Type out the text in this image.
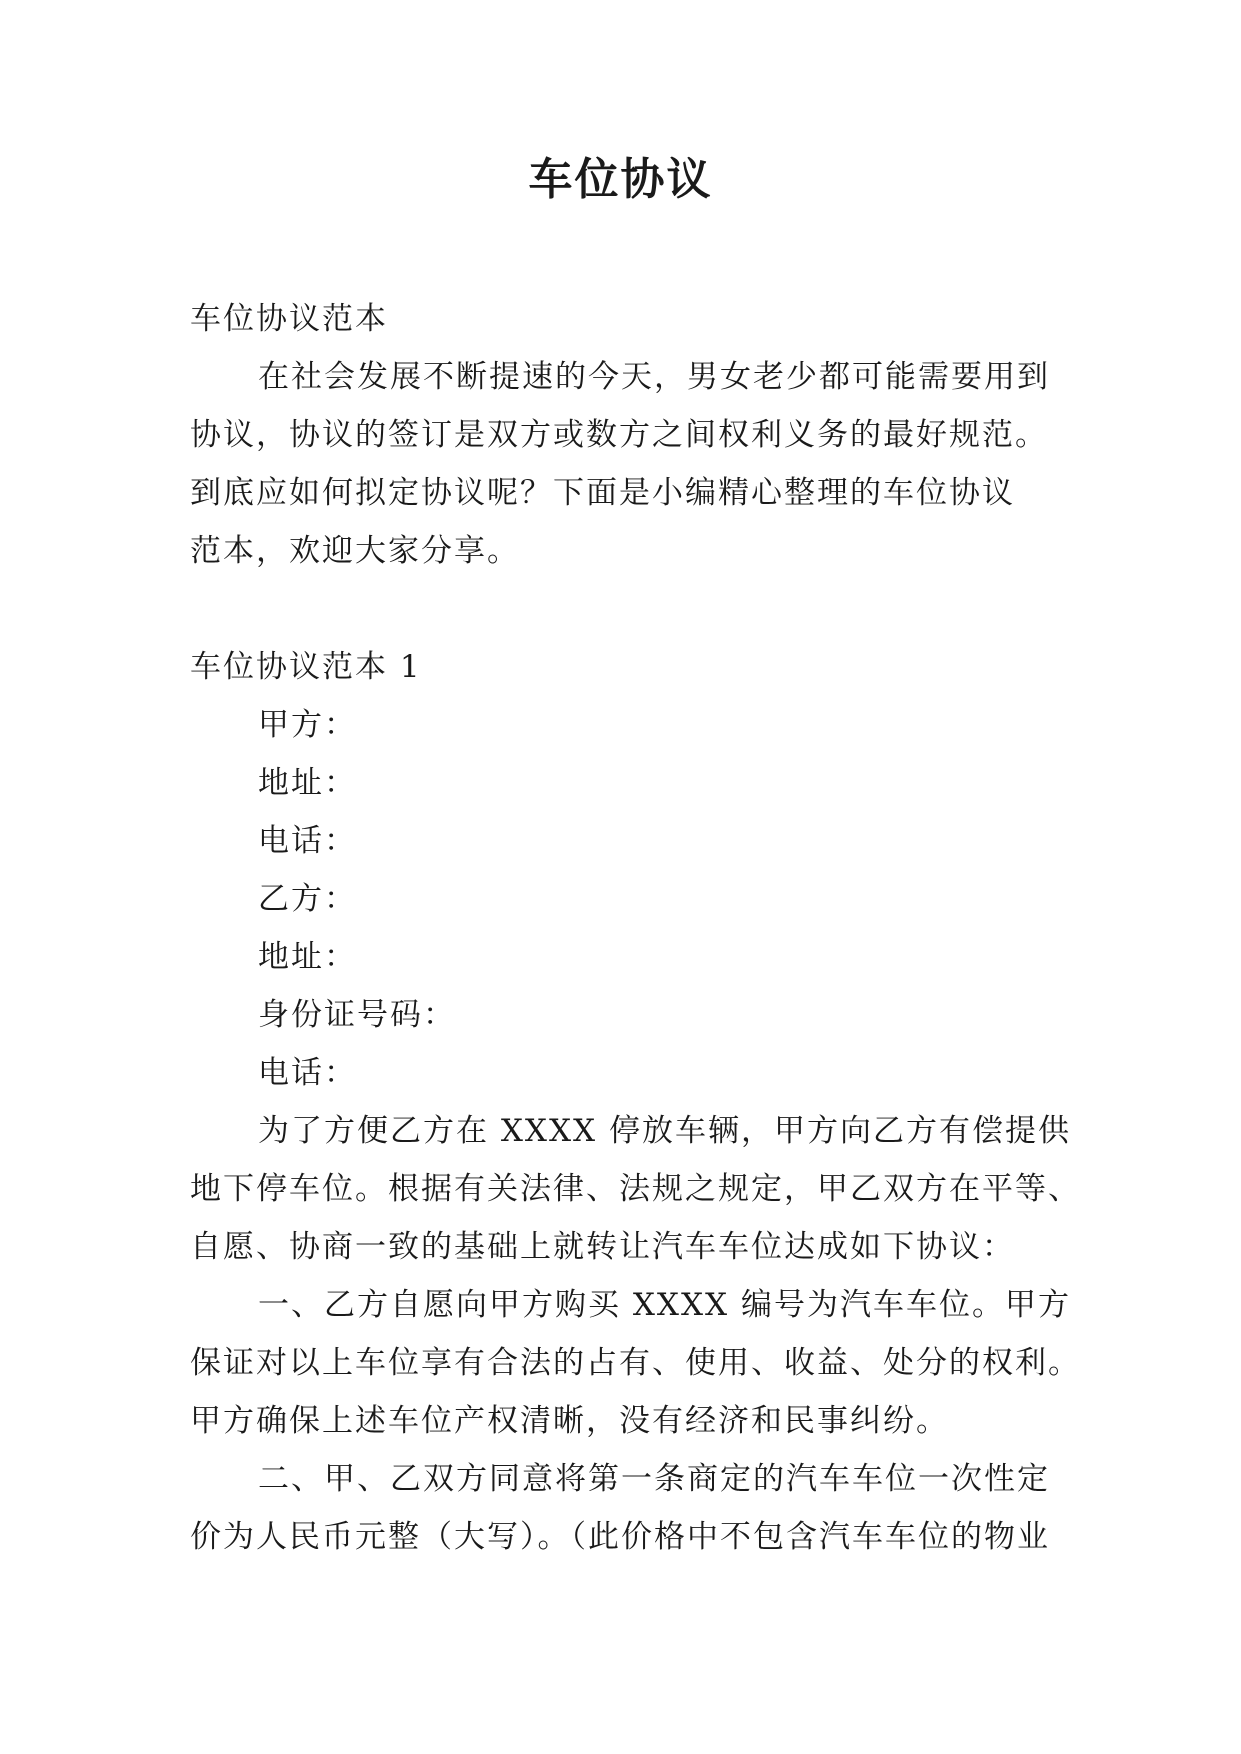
车位协议

车位协议范本

在社会发展不断提速的今天，男女老少都可能需要用到

协议，协议的签订是双方或数方之间权利义务的最好规范。

到底应如何拟定协议呢？下面是小编精心整理的车位协议

范本，欢迎大家分享。

车位协议范本 1

甲方：

地址：

电话：

乙方：

地址：

身份证号码：

电话：

为了方便乙方在 XXXX 停放车辆，甲方向乙方有偿提供

地下停车位。根据有关法律、法规之规定，甲乙双方在平等、

自愿、协商一致的基础上就转让汽车车位达成如下协议：

一、乙方自愿向甲方购买 XXXX 编号为汽车车位。甲方

保证对以上车位享有合法的占有、使用、收益、处分的权利。

甲方确保上述车位产权清晰，没有经济和民事纠纷。

二、甲、乙双方同意将第一条商定的汽车车位一次性定

价为人民币元整（大写）。（此价格中不包含汽车车位的物业
